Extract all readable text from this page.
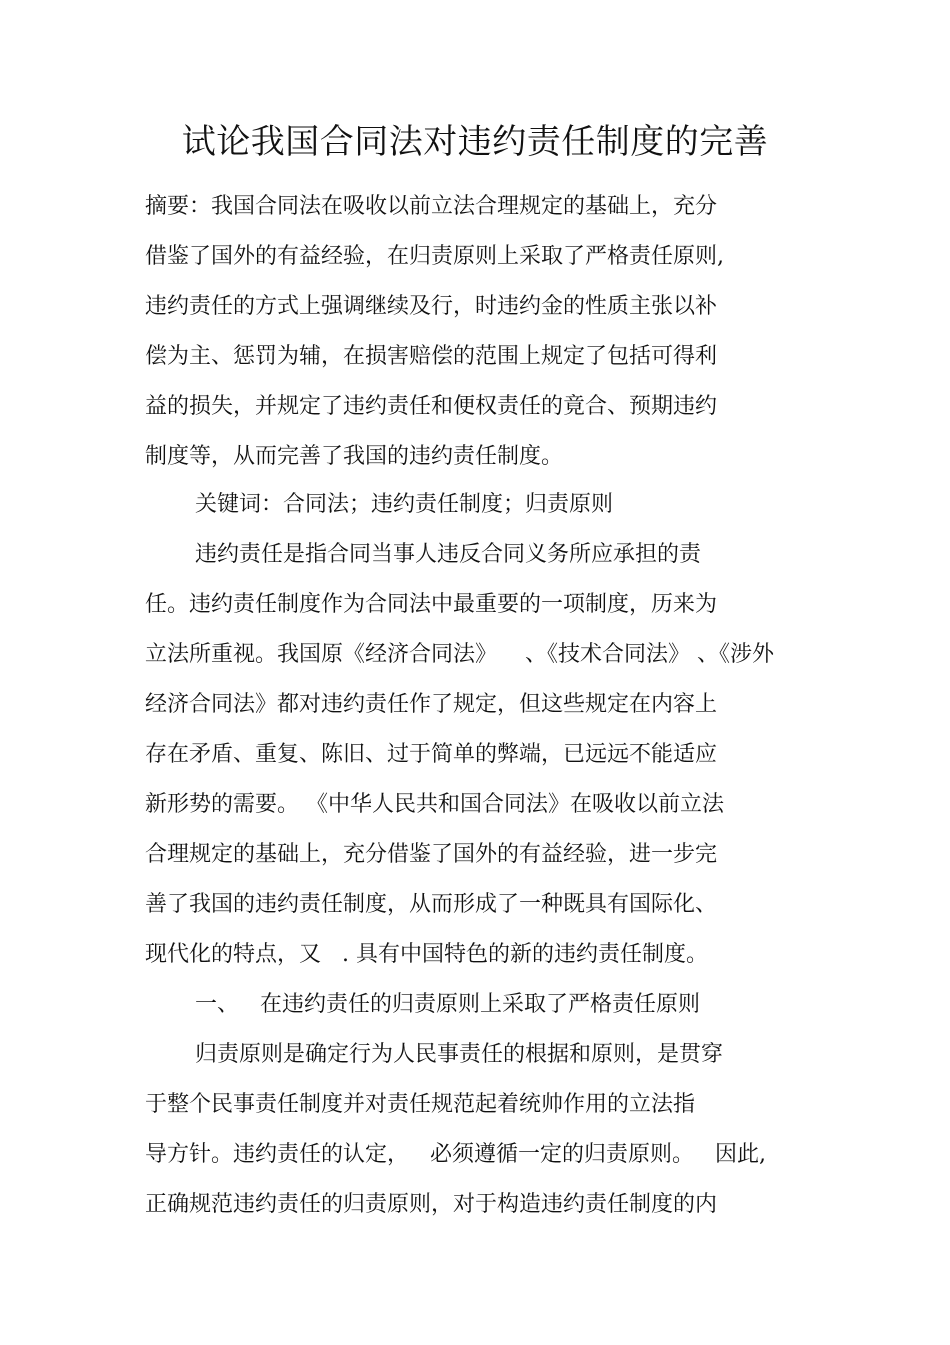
试论我国合同法对违约责任制度的完善
摘要：我国合同法在吸收以前立法合理规定的基础上，充分
借鉴了国外的有益经验，在归责原则上采取了严格责任原则,
违约责任的方式上强调继续及行，时违约金的性质主张以补
偿为主、惩罚为辅，在损害赔偿的范围上规定了包括可得利
益的损失，并规定了违约责任和便权责任的竟合、预期违约
制度等，从而完善了我国的违约责任制度。
关键词：合同法；违约责任制度；归责原则
违约责任是指合同当事人违反合同义务所应承担的责
任。违约责任制度作为合同法中最重要的一项制度，历来为
立法所重视。我国原《经济合同法》    、《技术合同法》 、《涉外
经济合同法》都对违约责任作了规定，但这些规定在内容上
存在矛盾、重复、陈旧、过于简单的弊端，已远远不能适应
新形势的需要。 《中华人民共和国合同法》在吸收以前立法
合理规定的基础上，充分借鉴了国外的有益经验，进一步完
善了我国的违约责任制度，从而形成了一种既具有国际化、
现代化的特点，又   . 具有中国特色的新的违约责任制度。
一、   在违约责任的归责原则上采取了严格责任原则
归责原则是确定行为人民事责任的根据和原则，是贯穿
于整个民事责任制度并对责任规范起着统帅作用的立法指
导方针。违约责任的认定，   必须遵循一定的归责原则。   因此,
正确规范违约责任的归责原则，对于构造违约责任制度的内
